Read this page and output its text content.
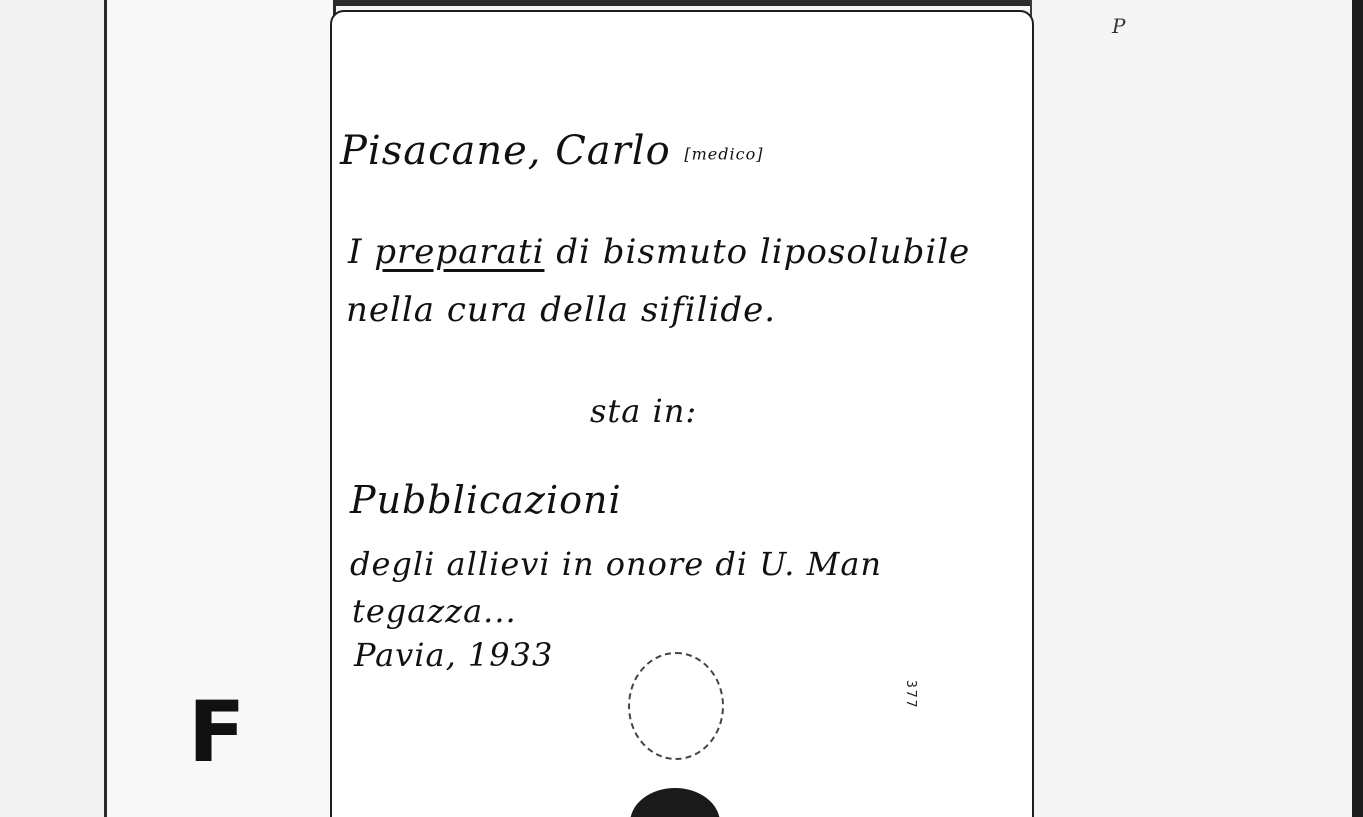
Pisacane, Carlo [medico]
I preparati di bismuto liposolubile
nella cura della sifilide.
sta in:
Pubblicazioni
degli allievi in onore di U. Man
tegazza...
Pavia, 1933
377
F
P
